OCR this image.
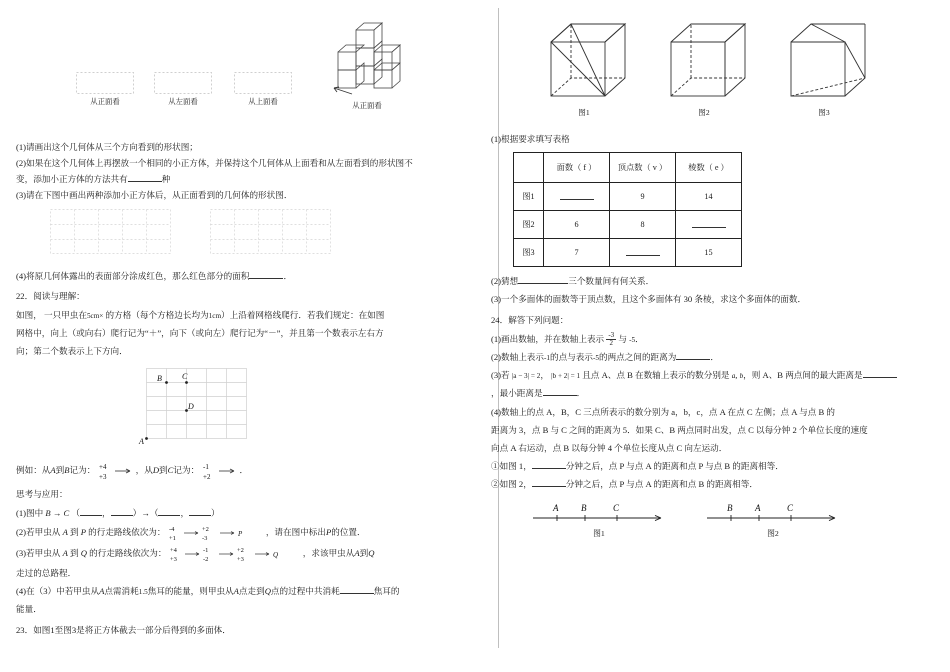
从正面看	从左面看	从上面看	从正面看

(1)请画出这个几何体从三个方向看到的形状图；

(2)如果在这个几何体上再摆放一个相同的小正方体，并保持这个几何体从上面看和从左面看到的形状图不

变，添加小正方体的方法共有	种

(3)请在下图中画出两种添加小正方体后，从正面看到的几何体的形状图．

(4)将原几何体露出的表面部分涂成红色，那么红色部分的面积	．

22．阅读与理解：

如图， 一只甲虫在5cm× 的方格（每个方格边长均为1cm）上沿着网格线爬行．若我们规定：在如图

网格中，向上（或向右）爬行记为“＋”，向下（或向左）爬行记为“－”，并且第一个数表示左右方

向；第二个数表示上下方向．

B	C
D
A

例如：从A到B记为： +4
+3
，从D到C记为： -1
+2
．

思考与应用：

(1)图中 B → C （	，	）→（	，	）

(2)若甲虫从 A 到 P 的行走路线依次为： -4
+1
+2
-3
P	，请在图中标出P的位置．

(3)若甲虫从 A 到 Q 的行走路线依次为： +4
+3
-1
-2
+2
+3
Q	，求该甲虫从A到Q

走过的总路程．

(4)在（3）中若甲虫从A点需消耗1.5焦耳的能量，则甲虫从A点走到Q点的过程中共消耗	焦耳的

能量．

23．如图1至图3是将正方体截去一部分后得到的多面体．

图1	图2	图3

(1)根据要求填写表格

	面数（ f ）	顶点数（ v ）	棱数（ e ）
图1		9	14
图2	6	8	
图3	7		15

(2)猜想	三个数量间有何关系．

(3)一个多面体的面数等于顶点数，且这个多面体有 30 条棱，求这个多面体的面数．

24．解答下列问题：

(1)画出数轴，并在数轴上表示 $\frac{-3}{2}$ 与 -5．

(2)数轴上表示-1的点与表示-5的两点之间的距离为	．

(3)若 |a − 3| = 2， |b + 2| = 1 且点 A、点 B 在数轴上表示的数分别是 a, b，则 A、B 两点间的最大距离是

，最小距离是	．

(4)数轴上的点 A，B，C 三点所表示的数分别为 a，b，c，点 A 在点 C 左侧；点 A 与点 B 的

距离为 3，点 B 与 C 之间的距离为 5．如果 C、B 两点同时出发，点 C 以每分钟 2 个单位长度的速度

向点 A 右运动，点 B 以每分钟 4 个单位长度从点 C 向左运动．

①如图 1，	分钟之后，点 P 与点 A 的距离和点 P 与点 B 的距离相等．

②如图 2，	分钟之后，点 P 与点 A 的距离和点 B 的距离相等．

A	B	C
图1
B	A	C
图2
